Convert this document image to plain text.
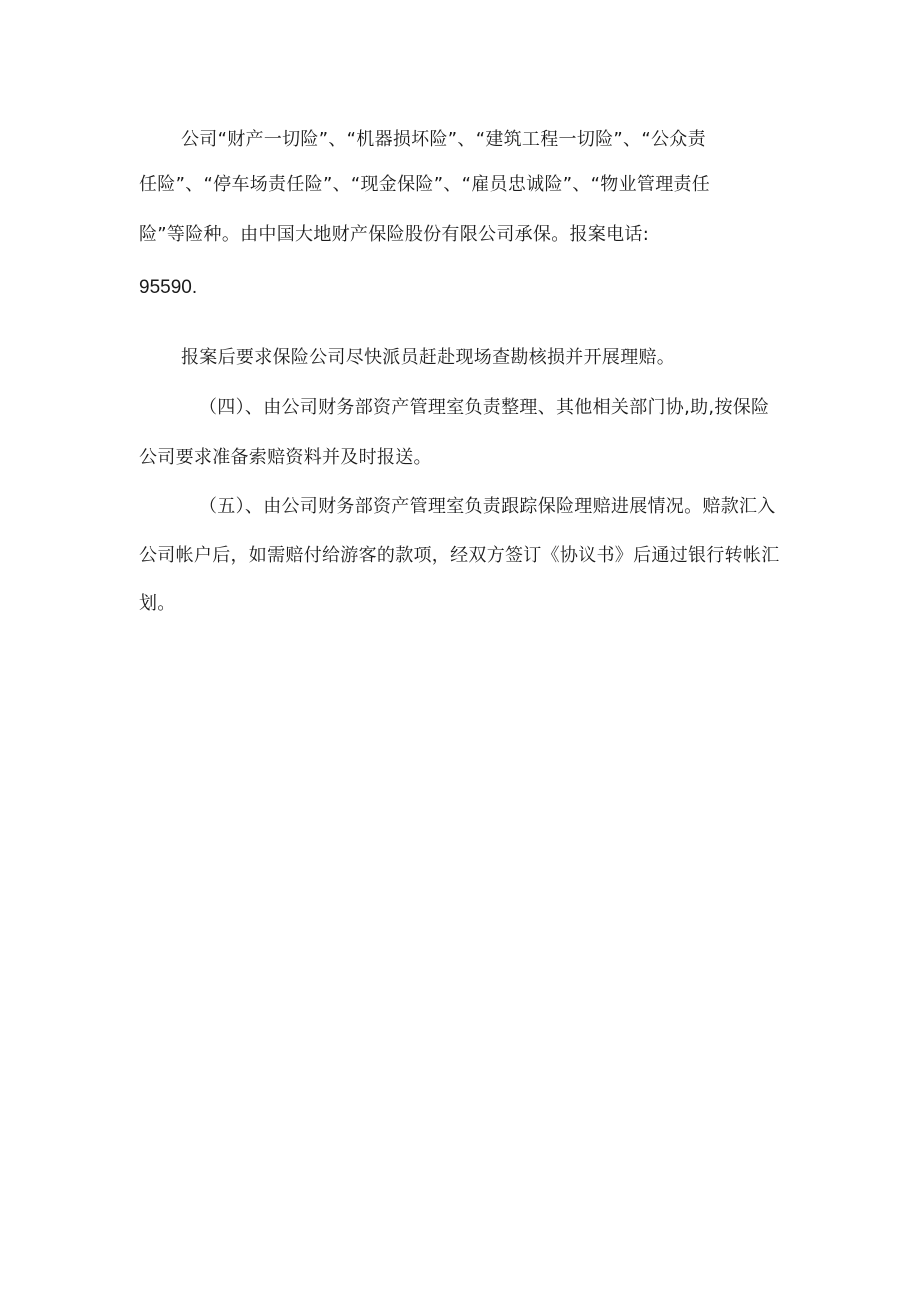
公司“财产一切险”、“机器损坏险”、“建筑工程一切险”、“公众责
任险”、“停车场责任险”、“现金保险”、“雇员忠诚险”、“物业管理责任
险”等险种。由中国大地财产保险股份有限公司承保。报案电话:
95590.
报案后要求保险公司尽快派员赶赴现场查勘核损并开展理赔。
（四）、由公司财务部资产管理室负责整理、其他相关部门协,助,按保险
公司要求准备索赔资料并及时报送。
（五）、由公司财务部资产管理室负责跟踪保险理赔进展情况。赔款汇入
公司帐户后，如需赔付给游客的款项，经双方签订《协议书》后通过银行转帐汇
划。
